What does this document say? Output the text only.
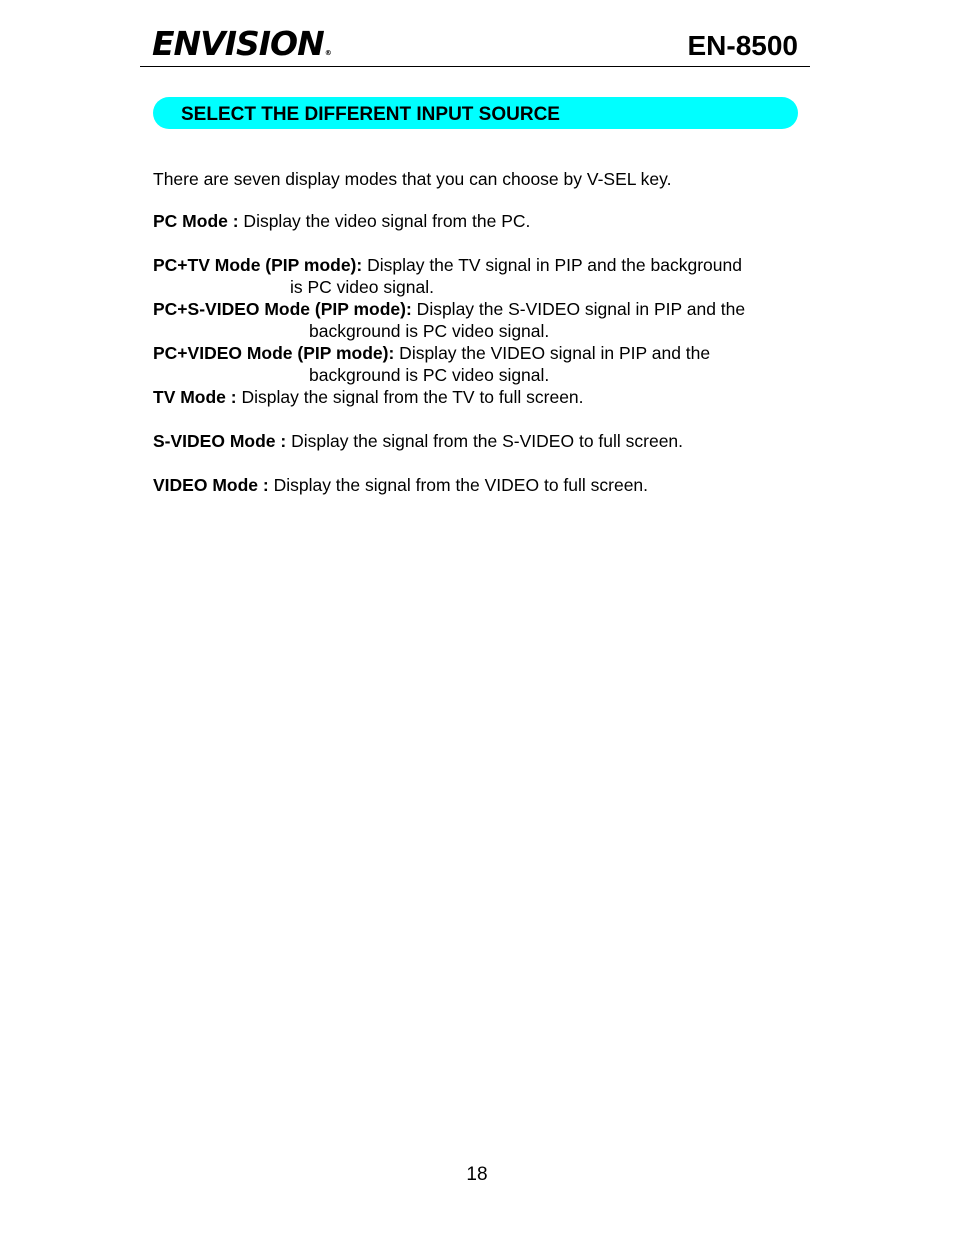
ENVISION®	EN-8500
SELECT THE DIFFERENT INPUT SOURCE

There are seven display modes that you can choose by V-SEL key.

PC Mode : Display the video signal from the PC.

PC+TV Mode (PIP mode): Display the TV signal in PIP and the background
is PC video signal.

PC+S-VIDEO Mode (PIP mode): Display the S-VIDEO signal in PIP and the
background is PC video signal.

PC+VIDEO Mode (PIP mode): Display the VIDEO signal in PIP and the
background is PC video signal.

TV Mode : Display the signal from the TV to full screen.

S-VIDEO Mode : Display the signal from the S-VIDEO to full screen.

VIDEO Mode : Display the signal from the VIDEO to full screen.

18
